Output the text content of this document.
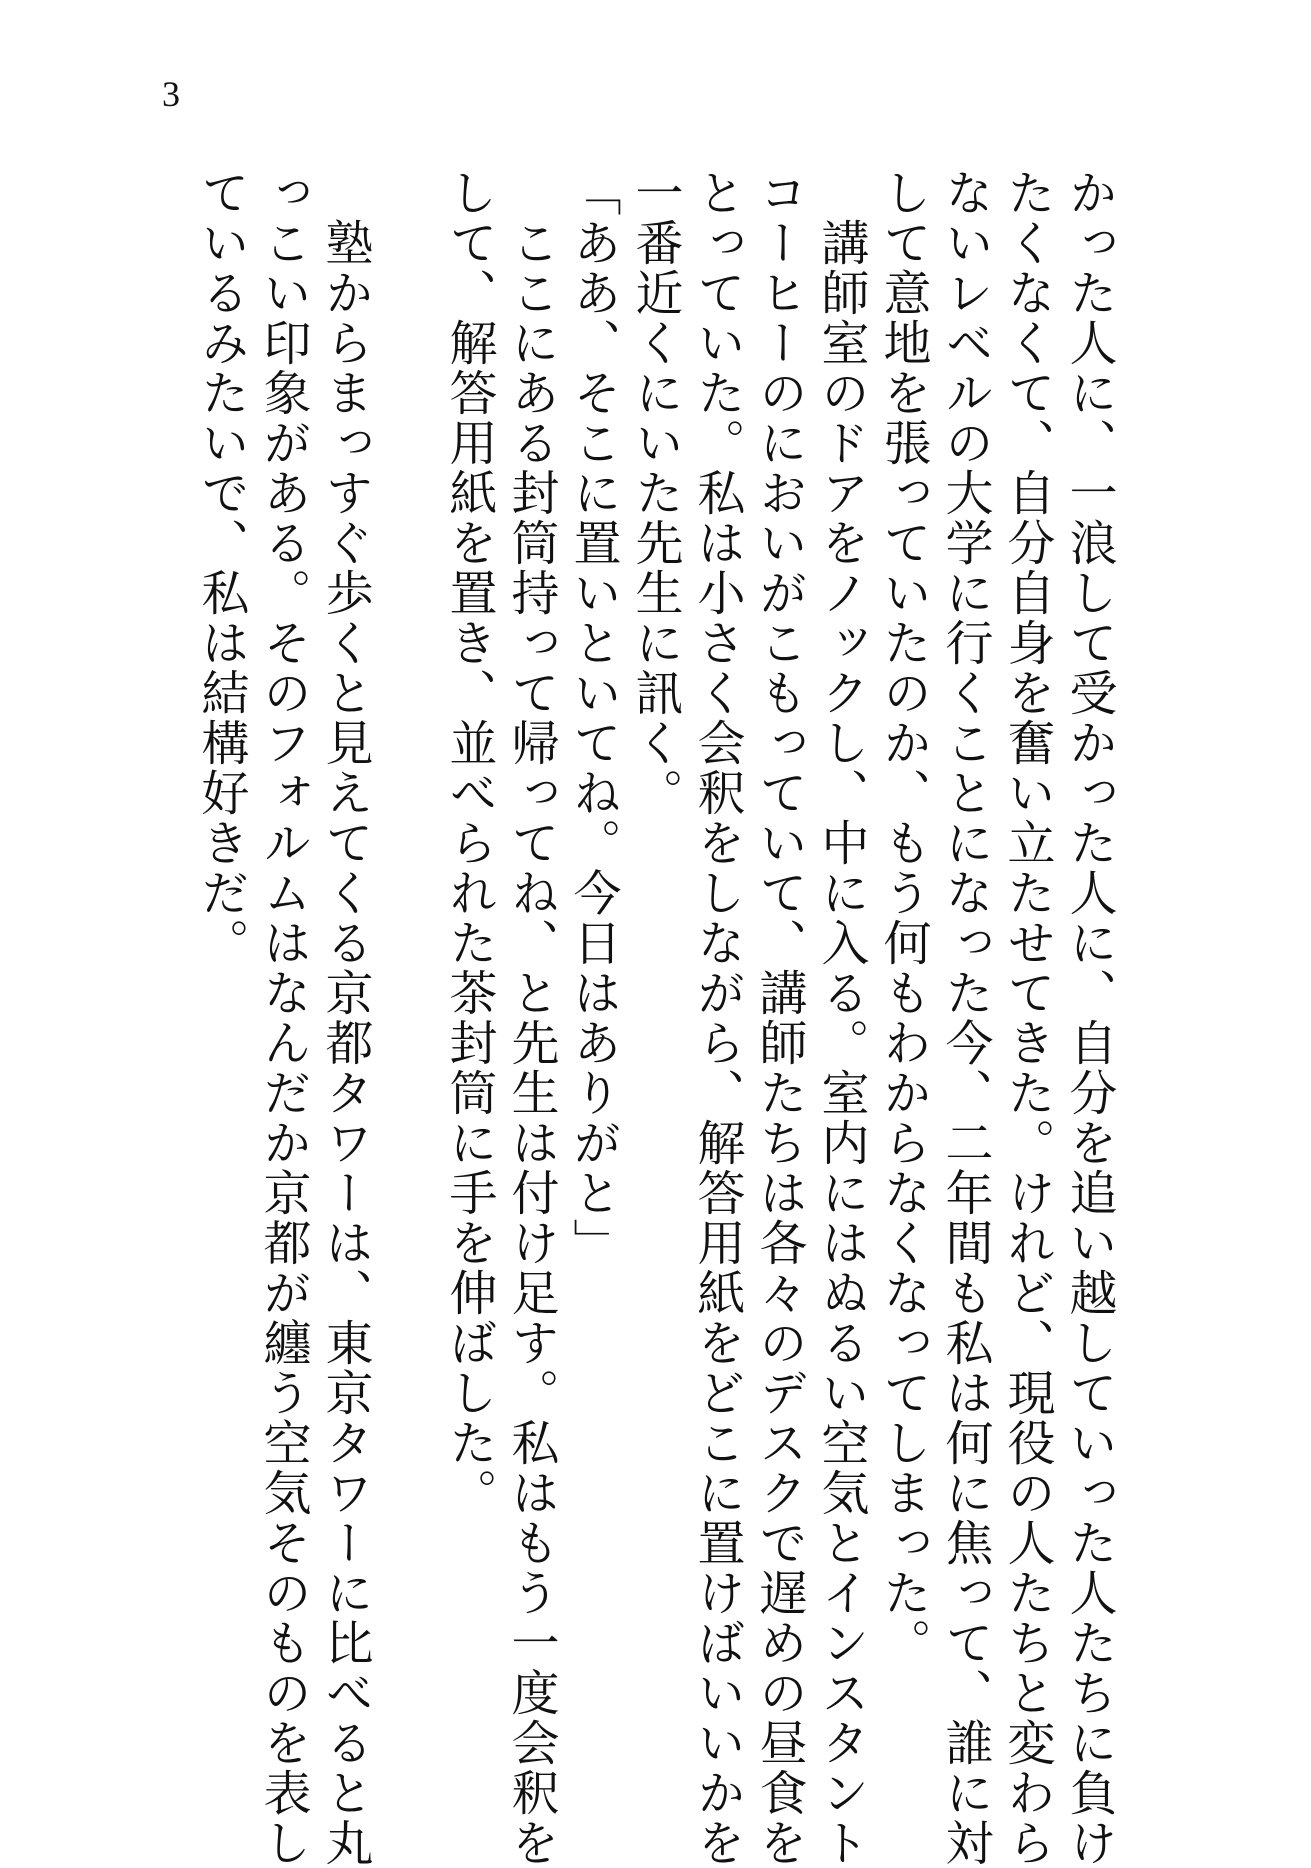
3

かった人に、一浪して受かった人に、自分を追い越していった人たちに負け

たくなくて、自分自身を奮い立たせてきた。けれど、現役の人たちと変わら

ないレベルの大学に行くことになった今、二年間も私は何に焦って、誰に対

して意地を張っていたのか、もう何もわからなくなってしまった。

　講師室のドアをノックし、中に入る。室内にはぬるい空気とインスタント

コーヒーのにおいがこもっていて、講師たちは各々のデスクで遅めの昼食を

とっていた。私は小さく会釈をしながら、解答用紙をどこに置けばいいかを

一番近くにいた先生に訊く。

「ああ、そこに置いといてね。今日はありがと」

　ここにある封筒持って帰ってね、と先生は付け足す。私はもう一度会釈を

して、解答用紙を置き、並べられた茶封筒に手を伸ばした。

　塾からまっすぐ歩くと見えてくる京都タワーは、東京タワーに比べると丸

っこい印象がある。そのフォルムはなんだか京都が纏う空気そのものを表し

ているみたいで、私は結構好きだ。
